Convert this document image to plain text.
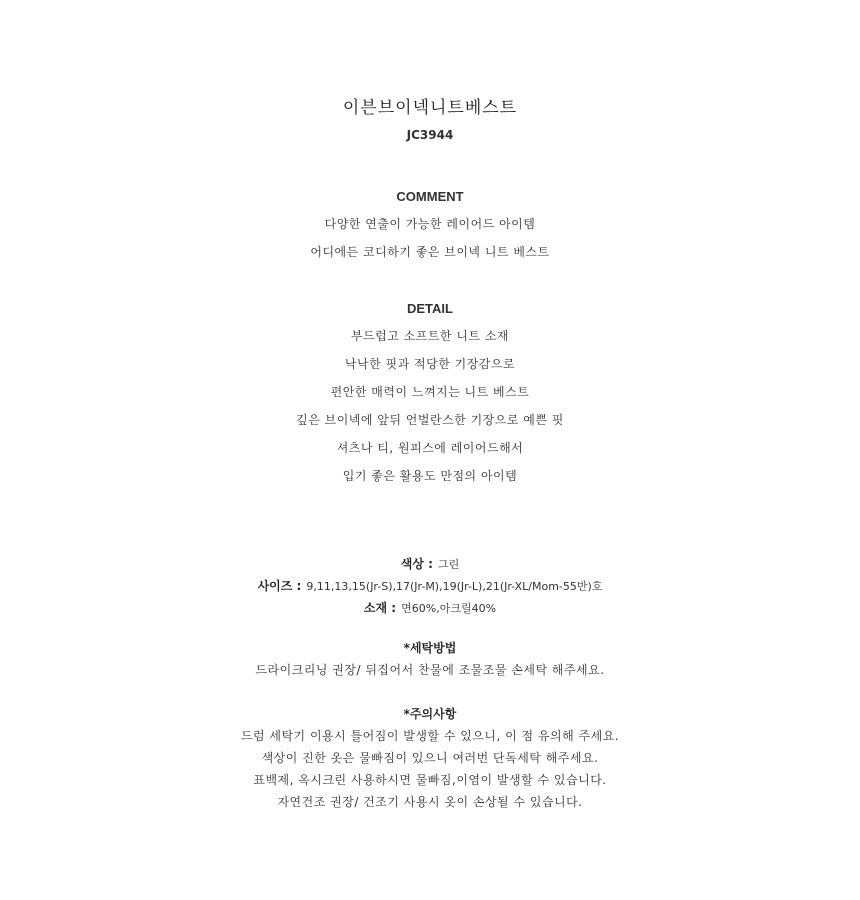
이븐브이넥니트베스트
JC3944
COMMENT
다양한 연출이 가능한 레이어드 아이템
어디에든 코디하기 좋은 브이넥 니트 베스트
DETAIL
부드럽고 소프트한 니트 소재
낙낙한 핏과 적당한 기장감으로
편안한 매력이 느껴지는 니트 베스트
깊은 브이넥에 앞뒤 언벌란스한 기장으로 예쁜 핏
셔츠나 티, 원피스에 레이어드해서
입기 좋은 활용도 만점의 아이템
색상 : 그린
사이즈 : 9,11,13,15(Jr-S),17(Jr-M),19(Jr-L),21(Jr-XL/Mom-55반)호
소재 : 면60%,아크릴40%
*세탁방법
드라이크리닝 권장/ 뒤집어서 찬물에 조물조물 손세탁 해주세요.
*주의사항
드럼 세탁기 이용시 틀어짐이 발생할 수 있으니, 이 점 유의해 주세요.
색상이 진한 옷은 물빠짐이 있으니 여러번 단독세탁 해주세요.
표백제, 옥시크린 사용하시면 물빠짐,이염이 발생할 수 있습니다.
자연건조 권장/ 건조기 사용시 옷이 손상될 수 있습니다.
